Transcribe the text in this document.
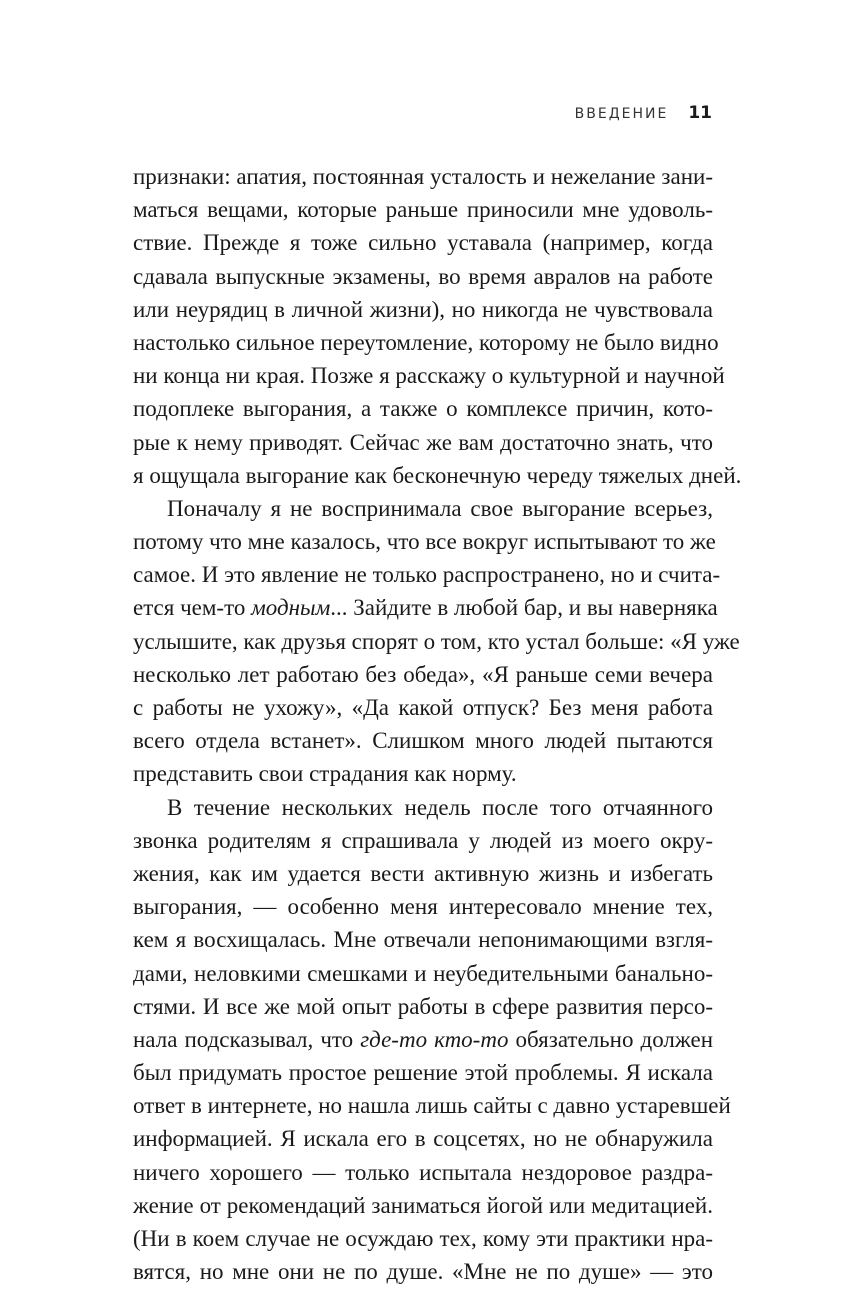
ВВЕДЕНИЕ 11
признаки: апатия, постоянная усталость и нежелание зани-
маться вещами, которые раньше приносили мне удоволь-
ствие. Прежде я тоже сильно уставала (например, когда
сдавала выпускные экзамены, во время авралов на работе
или неурядиц в личной жизни), но никогда не чувствовала
настолько сильное переутомление, которому не было видно
ни конца ни края. Позже я расскажу о культурной и научной
подоплеке выгорания, а также о комплексе причин, кото-
рые к нему приводят. Сейчас же вам достаточно знать, что
я ощущала выгорание как бесконечную череду тяжелых дней.
Поначалу я не воспринимала свое выгорание всерьез,
потому что мне казалось, что все вокруг испытывают то же
самое. И это явление не только распространено, но и счита-
ется чем-то модным... Зайдите в любой бар, и вы наверняка
услышите, как друзья спорят о том, кто устал больше: «Я уже
несколько лет работаю без обеда», «Я раньше семи вечера
с работы не ухожу», «Да какой отпуск? Без меня работа
всего отдела встанет». Слишком много людей пытаются
представить свои страдания как норму.
В течение нескольких недель после того отчаянного
звонка родителям я спрашивала у людей из моего окру-
жения, как им удается вести активную жизнь и избегать
выгорания, — особенно меня интересовало мнение тех,
кем я восхищалась. Мне отвечали непонимающими взгля-
дами, неловкими смешками и неубедительными банально-
стями. И все же мой опыт работы в сфере развития персо-
нала подсказывал, что где-то кто-то обязательно должен
был придумать простое решение этой проблемы. Я искала
ответ в интернете, но нашла лишь сайты с давно устаревшей
информацией. Я искала его в соцсетях, но не обнаружила
ничего хорошего — только испытала нездоровое раздра-
жение от рекомендаций заниматься йогой или медитацией.
(Ни в коем случае не осуждаю тех, кому эти практики нра-
вятся, но мне они не по душе. «Мне не по душе» — это
